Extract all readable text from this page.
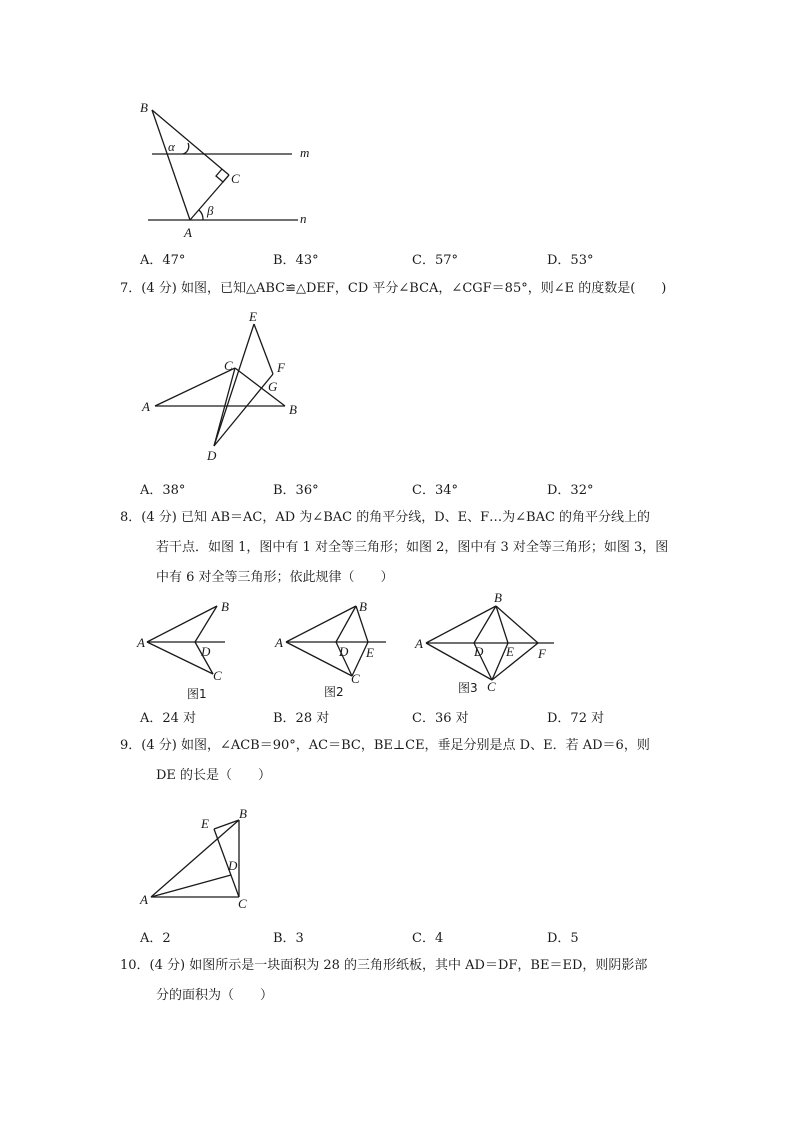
B
α	m
C
β
A
n
A．47°	B．43°	C．57°	D．53°

7．(4 分) 如图，已知△ABC≌△DEF，CD 平分∠BCA，∠CGF＝85°，则∠E 的度数是(　　)

E
C	F
G
A	B
D
A．38°	B．36°	C．34°	D．32°

8．(4 分) 已知 AB＝AC，AD 为∠BAC 的角平分线，D、E、F…为∠BAC 的角平分线上的

若干点．如图 1，图中有 1 对全等三角形；如图 2，图中有 3 对全等三角形；如图 3，图

中有 6 对全等三角形；依此规律（　　）

A
B
D
C
图1
A
B
D E
C
图2
A
B
D E F
C
图3
A．24 对	B．28 对	C．36 对	D．72 对

9．(4 分) 如图，∠ACB＝90°，AC＝BC，BE⊥CE，垂足分别是点 D、E．若 AD＝6，则

DE 的长是（　　）

E
B
D
A	C
A．2	B．3	C．4	D．5

10．(4 分) 如图所示是一块面积为 28 的三角形纸板，其中 AD＝DF，BE＝ED，则阴影部

分的面积为（　　）
